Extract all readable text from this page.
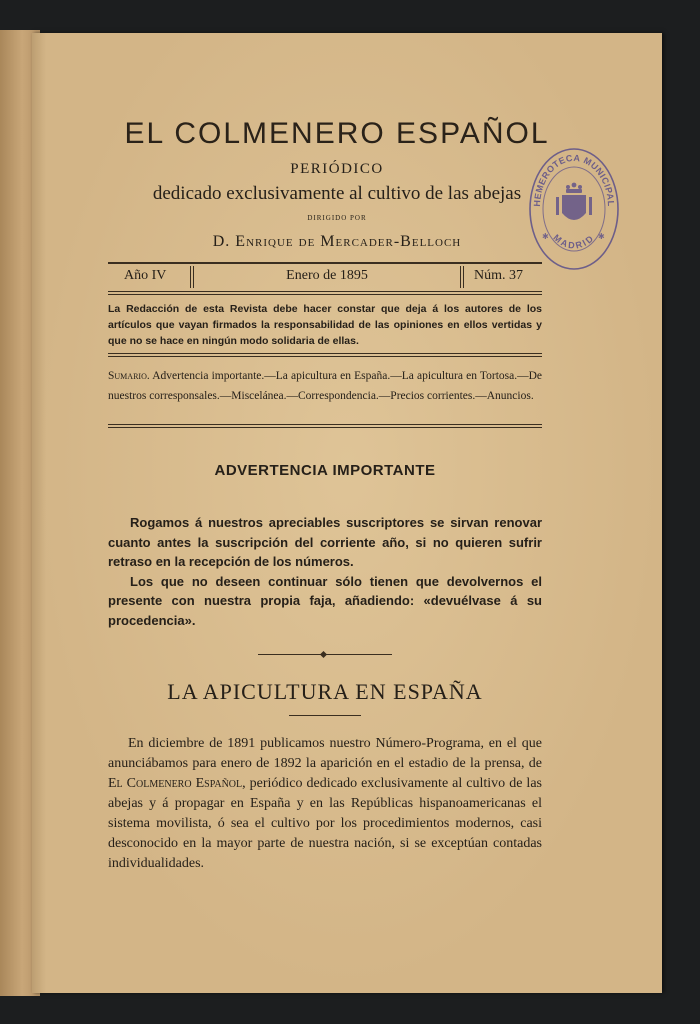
EL COLMENERO ESPAÑOL
PERIÓDICO
dedicado exclusivamente al cultivo de las abejas
DIRIGIDO POR
D. Enrique de Mercader-Belloch
Año IV	Enero de 1895	Núm. 37
La Redacción de esta Revista debe hacer constar que deja á los autores de los artículos que vayan firmados la responsabilidad de las opiniones en ellos vertidas y que no se hace en ningún modo solidaria de ellas.
Sumario. Advertencia importante.—La apicultura en España.—La apicultura en Tortosa.—De nuestros corresponsales.—Miscelánea.—Correspondencia.—Precios corrientes.—Anuncios.
ADVERTENCIA IMPORTANTE

Rogamos á nuestros apreciables suscriptores se sirvan renovar cuanto antes la suscripción del corriente año, si no quieren sufrir retraso en la recepción de los números.

Los que no deseen continuar sólo tienen que devolvernos el presente con nuestra propia faja, añadiendo: «devuélvase á su procedencia».

LA APICULTURA EN ESPAÑA

En diciembre de 1891 publicamos nuestro Número-Programa, en el que anunciábamos para enero de 1892 la aparición en el estadio de la prensa, de El Colmenero Español, periódico dedicado exclusivamente al cultivo de las abejas y á propagar en España y en las Repúblicas hispanoamericanas el sistema movilista, ó sea el cultivo por los procedimientos modernos, casi desconocido en la mayor parte de nuestra nación, si se exceptúan contadas individualidades.

HEMEROTECA MUNICIPAL
MADRID
✱	✱
